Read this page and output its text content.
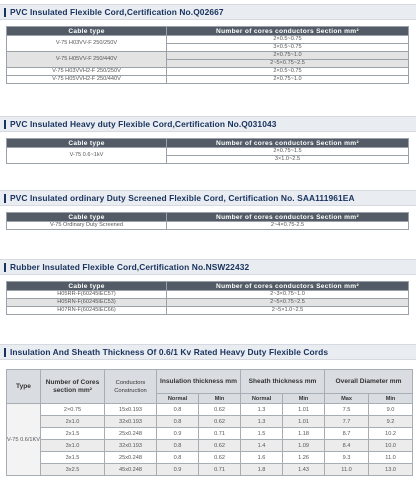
PVC Insulated Flexible Cord,Certification No.Q02667
Cable type	Number of cores conductors Section mm²
V-75 H03VV-F 250/250V	2×0.5~0.75
	3×0.5~0.75
V-75 H05VV-F 250/440V	2×0.75~1.0
	2~5×0.75~2.5
V-75 H03VVH2-F 250/250V	2×0.5~0.75
V-75 H05VVH2-F 250/440V	2×0.75~1.0
PVC Insulated Heavy duty Flexible Cord,Certification No.Q031043
Cable type	Number of cores conductors Section mm²
V-75 0.6~1kV	2×0.75~1.5
	3×1.0~2.5
PVC Insulated ordinary Duty Screened Flexible Cord, Certification No. SAA111961EA
Cable type	Number of cores conductors Section mm²
V-75 Ordinary Duty Screened	2~4×0.75-2.5
Rubber Insulated Flexible Cord,Certification No.NSW22432
Cable type	Number of cores conductors Section mm²
H05RR-F(60245IEC57)	2~3×0.75~1.0
H05RN-F(60245IEC53)	2~5×0.75~2.5
H07RN-F(60245IEC66)	2~5×1.0~2.5
Insulation And Sheath Thickness Of 0.6/1 Kv Rated Heavy Duty Flexible Cords
Type	Number of Cores section mm²	Conductors Construction	Insulation thickness mm		Sheath thickness mm		Overall Diameter mm	
			Normal	Min	Normal	Min	Max	Min
V-75 0.6/1KV	2×0.75	15x0.193	0.8	0.62	1.3	1.01	7.5	9.0
	2x1.0	32x0.193	0.8	0.62	1.3	1.01	7.7	9.2
	2x1.5	25x0.248	0.9	0.71	1.5	1.18	8.7	10.2
	3x1.0	32x0.193	0.8	0.62	1.4	1.09	8.4	10.0
	3x1.5	25x0.248	0.8	0.62	1.6	1.26	9.3	11.0
	3x2.5	45x0.248	0.9	0.71	1.8	1.43	11.0	13.0
